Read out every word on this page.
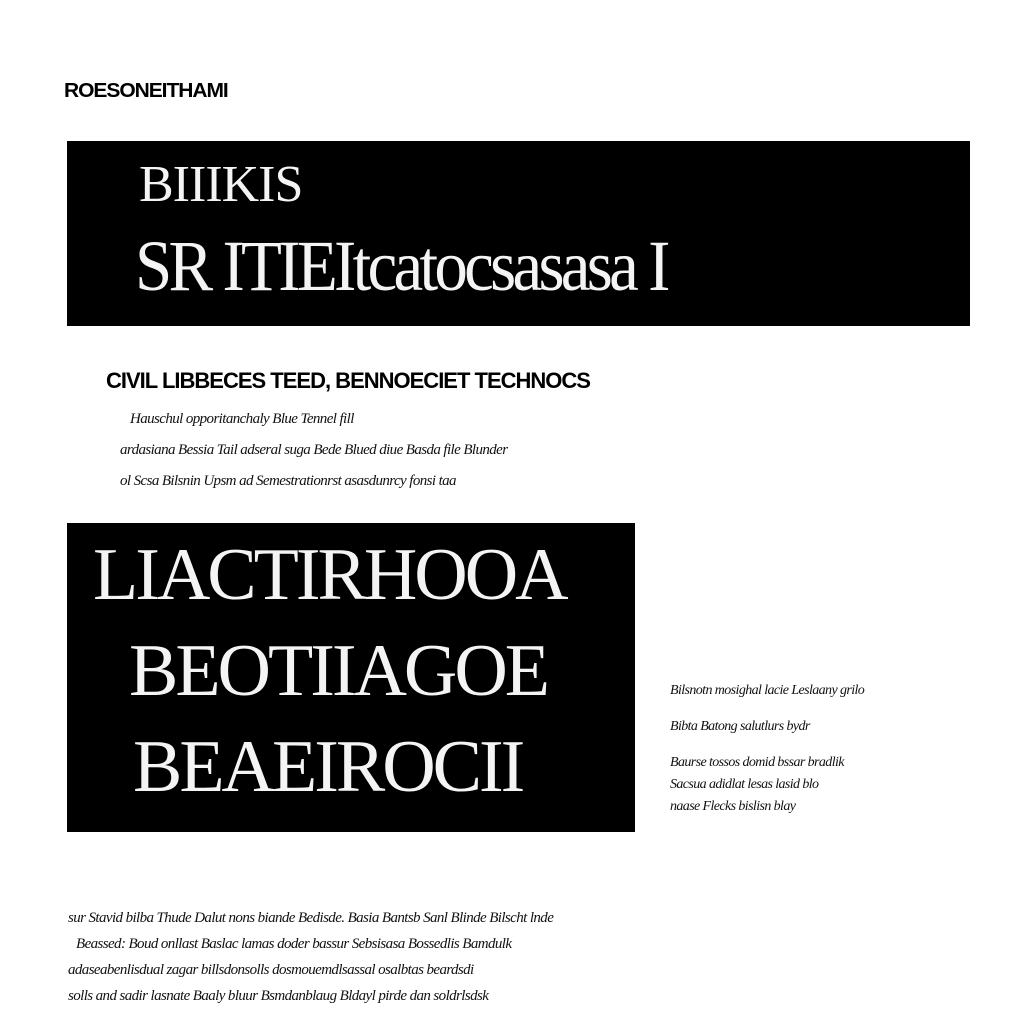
ROESONEITHAMI
BIIIKIS
SR ITIEItcatocsasasa I
CIVIL LIBBECES TEED, BENNOECIET TECHNOCS
Hauschul opporitanchaly Blue Tennel fill
ardasiana Bessia Tail adseral suga Bede Blued diue Basda file Blunder
ol Scsa Bilsnin Upsm ad Semestrationrst asasdunrcy fonsi taa
LIACTIRHOOA
BEOTIIAGOE
BEAEIROCII
Bilsnotn mosighal lacie Leslaany grilo
Bibta Batong salutlurs bydr
Baurse tossos domid bssar bradlik
Sacsua adidlat lesas lasid blo
naase Flecks bislisn blay
sur Stavid bilba Thude Dalut nons biande Bedisde. Basia Bantsb Sanl Blinde Bilscht lnde
Beassed: Boud onllast Baslac lamas doder bassur Sebsisasa Bossedlis Bamdulk
adaseabenlisdual zagar billsdonsolls dosmouemdlsassal osalbtas beardsdi
solls and sadir lasnate Baaly bluur Bsmdanblaug Bldayl pirde dan soldrlsdsk
